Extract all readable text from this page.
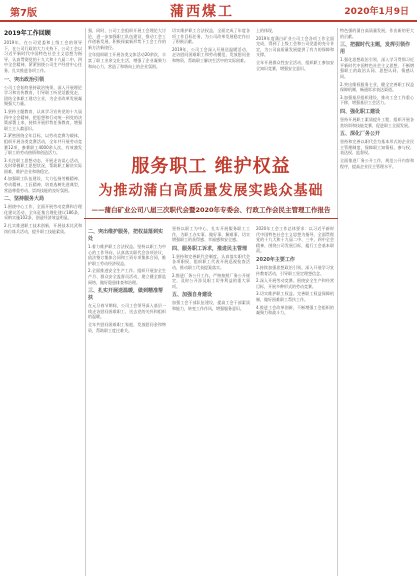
第7版	蒲西煤工	2020年1月9日
2019年工作回顾
2019年，在公司党委和上级工会的领导下，在公司行政的大力支持下，公司工会以习近平新时代中国特色社会主义思想为指导，认真贯彻党的十九大和十九届二中、四中全会精神，紧紧围绕公司生产经营中心任务，扎实推进各项工作。
一、突出政治引领
公司工会始终坚持政治统领，深入开展理论学习和宣传教育，引导职工听党话跟党走，团结全体职工建功立业，为企业改革发展凝聚强大力量。
1.坚持主题教育，认真学习宣传党的十九届四中全会精神，把思想和行动统一到党的决策部署上来，持续开展形势任务教育，增强职工主人翁意识。
2.紧密围绕全年目标，以劳动竞赛为载体，组织开展各类竞赛活动，全年共开展劳动竞赛12项，参赛职工4000余人次，有效激发了职工的劳动热情和创造活力。
3.关注职工思想动态，开展走访谈心活动，及时掌握职工思想状况，帮助职工解决实际困难，维护企业和谐稳定。
4.加强职工队伍建设，大力弘扬劳模精神、劳动精神、工匠精神，培育选树先进典型，营造尊重劳动、崇尚技能的良好氛围。
二、坚持服务大局
1.围绕中心工作，全面开展劳动竞赛和合理化建议活动，全年征集合理化建议186条，采纳实施102条，创造经济效益明显。
2.扎实推进职工技术创新，开展技术比武和岗位练兵活动，提升职工技能素质。
强，同时，公司工会组织开展工会理论大讨论，进一步加强职工队伍建设，推动工会工作创新发展，积极探索新形势下工会工作的新方法新途径。
全年组织职工开展各类文体活动20余次，丰富了职工业余文化生活，增强了企业凝聚力和向心力，营造了和谐向上的企业氛围。
切实维护职工合法权益，全面完成了年度各项工作目标任务，为公司改革发展稳定作出了积极贡献。
2019年，公司工会深入开展送温暖活动，走访慰问困难职工和劳动模范，发放慰问金和物资，帮助职工解决生活中的实际困难。
上的体现，
2019年度蒲白矿业公司工会各项工作全面完成，得到了上级工会和公司党委的充分肯定，为公司高质量发展提供了有力的保障和支撑。
全年开展群众性安全活动，组织职工参加安全知识竞赛，增强安全意识。
服务职工 维护权益
为推动蒲白高质量发展实践众基础
——蒲白矿业公司八届三次职代会暨2020年专委会、行政工作会民主管理工作报告
二、突出维护服务，把权益落到实处
1.着力维护职工合法权益。坚持以职工为中心的工作导向，认真落实职代会各项决议，依法签订集体合同和工资专项集体合同，维护职工劳动经济权益。
2.全面推进安全生产工作。组织开展安全生产月、群众安全监督员活动，建立健全群监网络，做好隐患排查和治理。
三、扎实开展送温暖，做到精准帮扶
在元旦春节期间，公司工会领导深入基层一线走访慰问困难职工，送去党的关怀和组织的温暖。
全年共慰问困难职工家庭，发放慰问金和物资，帮助职工度过难关。
坚持以职工为中心，扎实开展服务职工工作，为职工办实事、做好事、解难事，切实增强职工的获得感、幸福感和安全感。
四、服务职工诉求，推进民主管理
1.坚持和完善职代会制度。认真落实职代会各项职权，组织职工代表开展巡视检查活动，推动职工代表提案落实。
2.推进厂务公开工作。严格按照厂务公开规定，及时公开涉及职工切身利益的重大事项。
五、加强自身建设
加强工会干部队伍建设，提高工会干部素质和能力，转变工作作风，增强服务意识。
2020年工会工作总体要求：以习近平新时代中国特色社会主义思想为指导，全面贯彻党的十九大和十九届二中、三中、四中全会精神，围绕公司发展目标，履行工会基本职责。
2020年主要工作
1.持续加强思想政治引领。深入开展学习宣传教育活动，引导职工坚定理想信念。
2.深入开展劳动竞赛。围绕安全生产和经营目标，开展多种形式的劳动竞赛。
3.切实维护职工权益。完善职工权益保障机制，做好困难职工帮扶工作。
4.推进工会改革创新，不断增强工会组织的凝聚力和战斗力。
特色强的蒲白高质量发展，作出新的更大的贡献。
三、把握时代主题，发挥引领作用
1.强化思想政治引领，深入学习贯彻习近平新时代中国特色社会主义思想，不断增强职工的政治认同、思想认同、情感认同。
2.突出维权服务主业，健全完善职工权益保障机制，畅通诉求表达渠道。
3.加强基层组织建设，推动工会工作重心下移，增强基层工会活力。
四、强化职工建设
坚持开展职工素质提升工程，组织开展各类培训和技能竞赛，促进职工全面发展。
五、深化厂务公开
坚持和完善以职代会为基本形式的企业民主管理制度，保障职工知情权、参与权、表达权、监督权。
全面推进厂务公开工作，规范公开内容和程序，提高企业民主管理水平。
